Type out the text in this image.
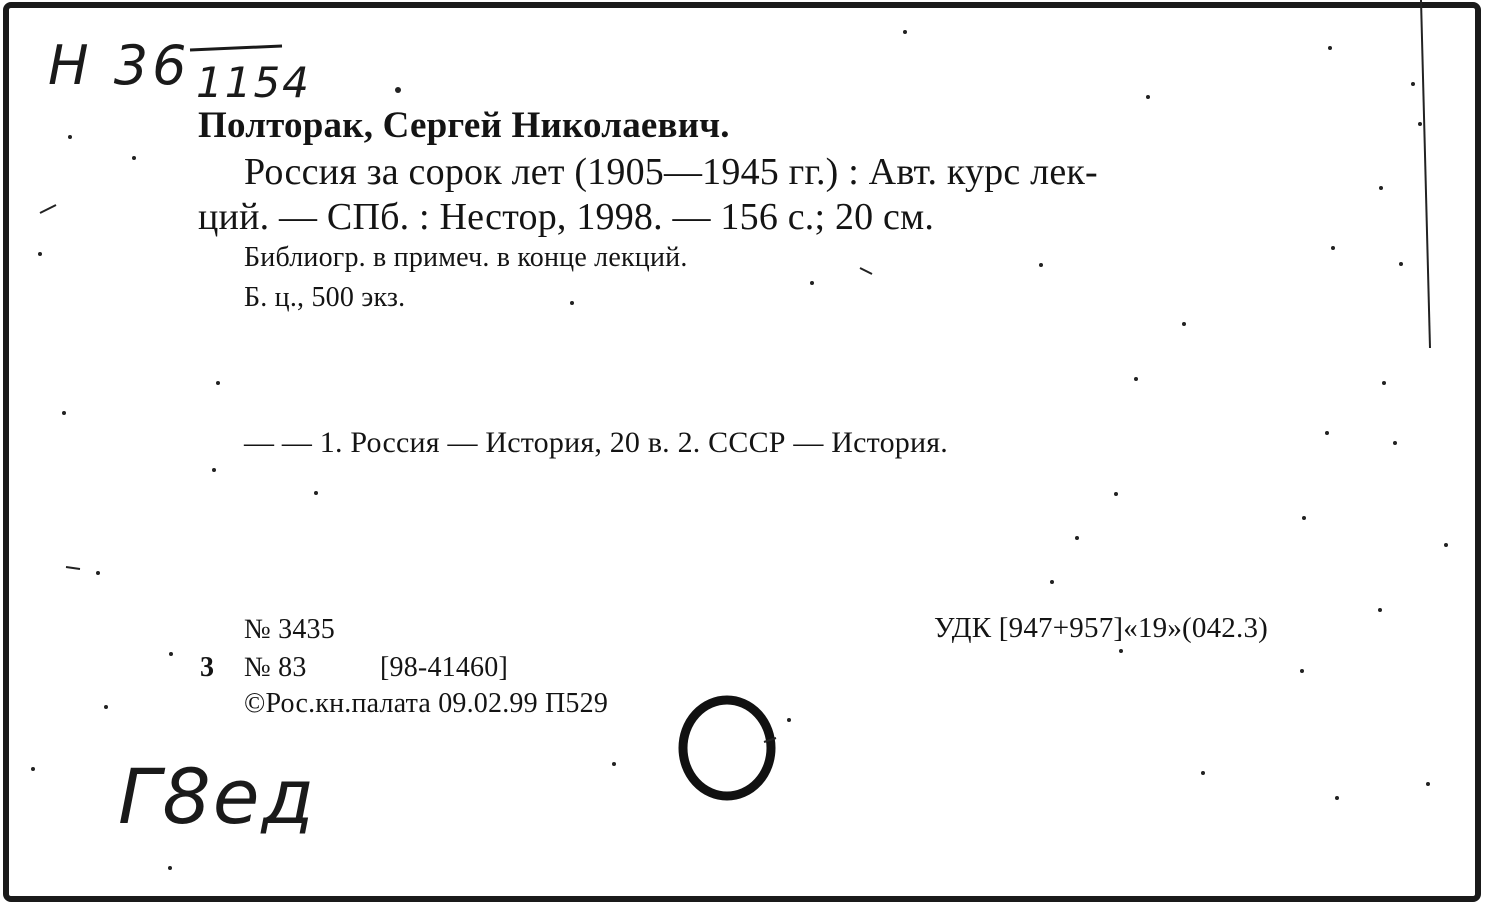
Н 36 1154
Полторак, Сергей Николаевич.
Россия за сорок лет (1905—1945 гг.) : Авт. курс лек-
ций. — СПб. : Нестор, 1998. — 156 с.; 20 см.
Библиогр. в примеч. в конце лекций.
Б. ц., 500 экз.
— — 1. Россия — История, 20 в. 2. СССР — История.
№ 3435	УДК [947+957]«19»(042.3)
3 № 83	[98-41460]
©Рос.кн.палата 09.02.99 П529
Г8ед
